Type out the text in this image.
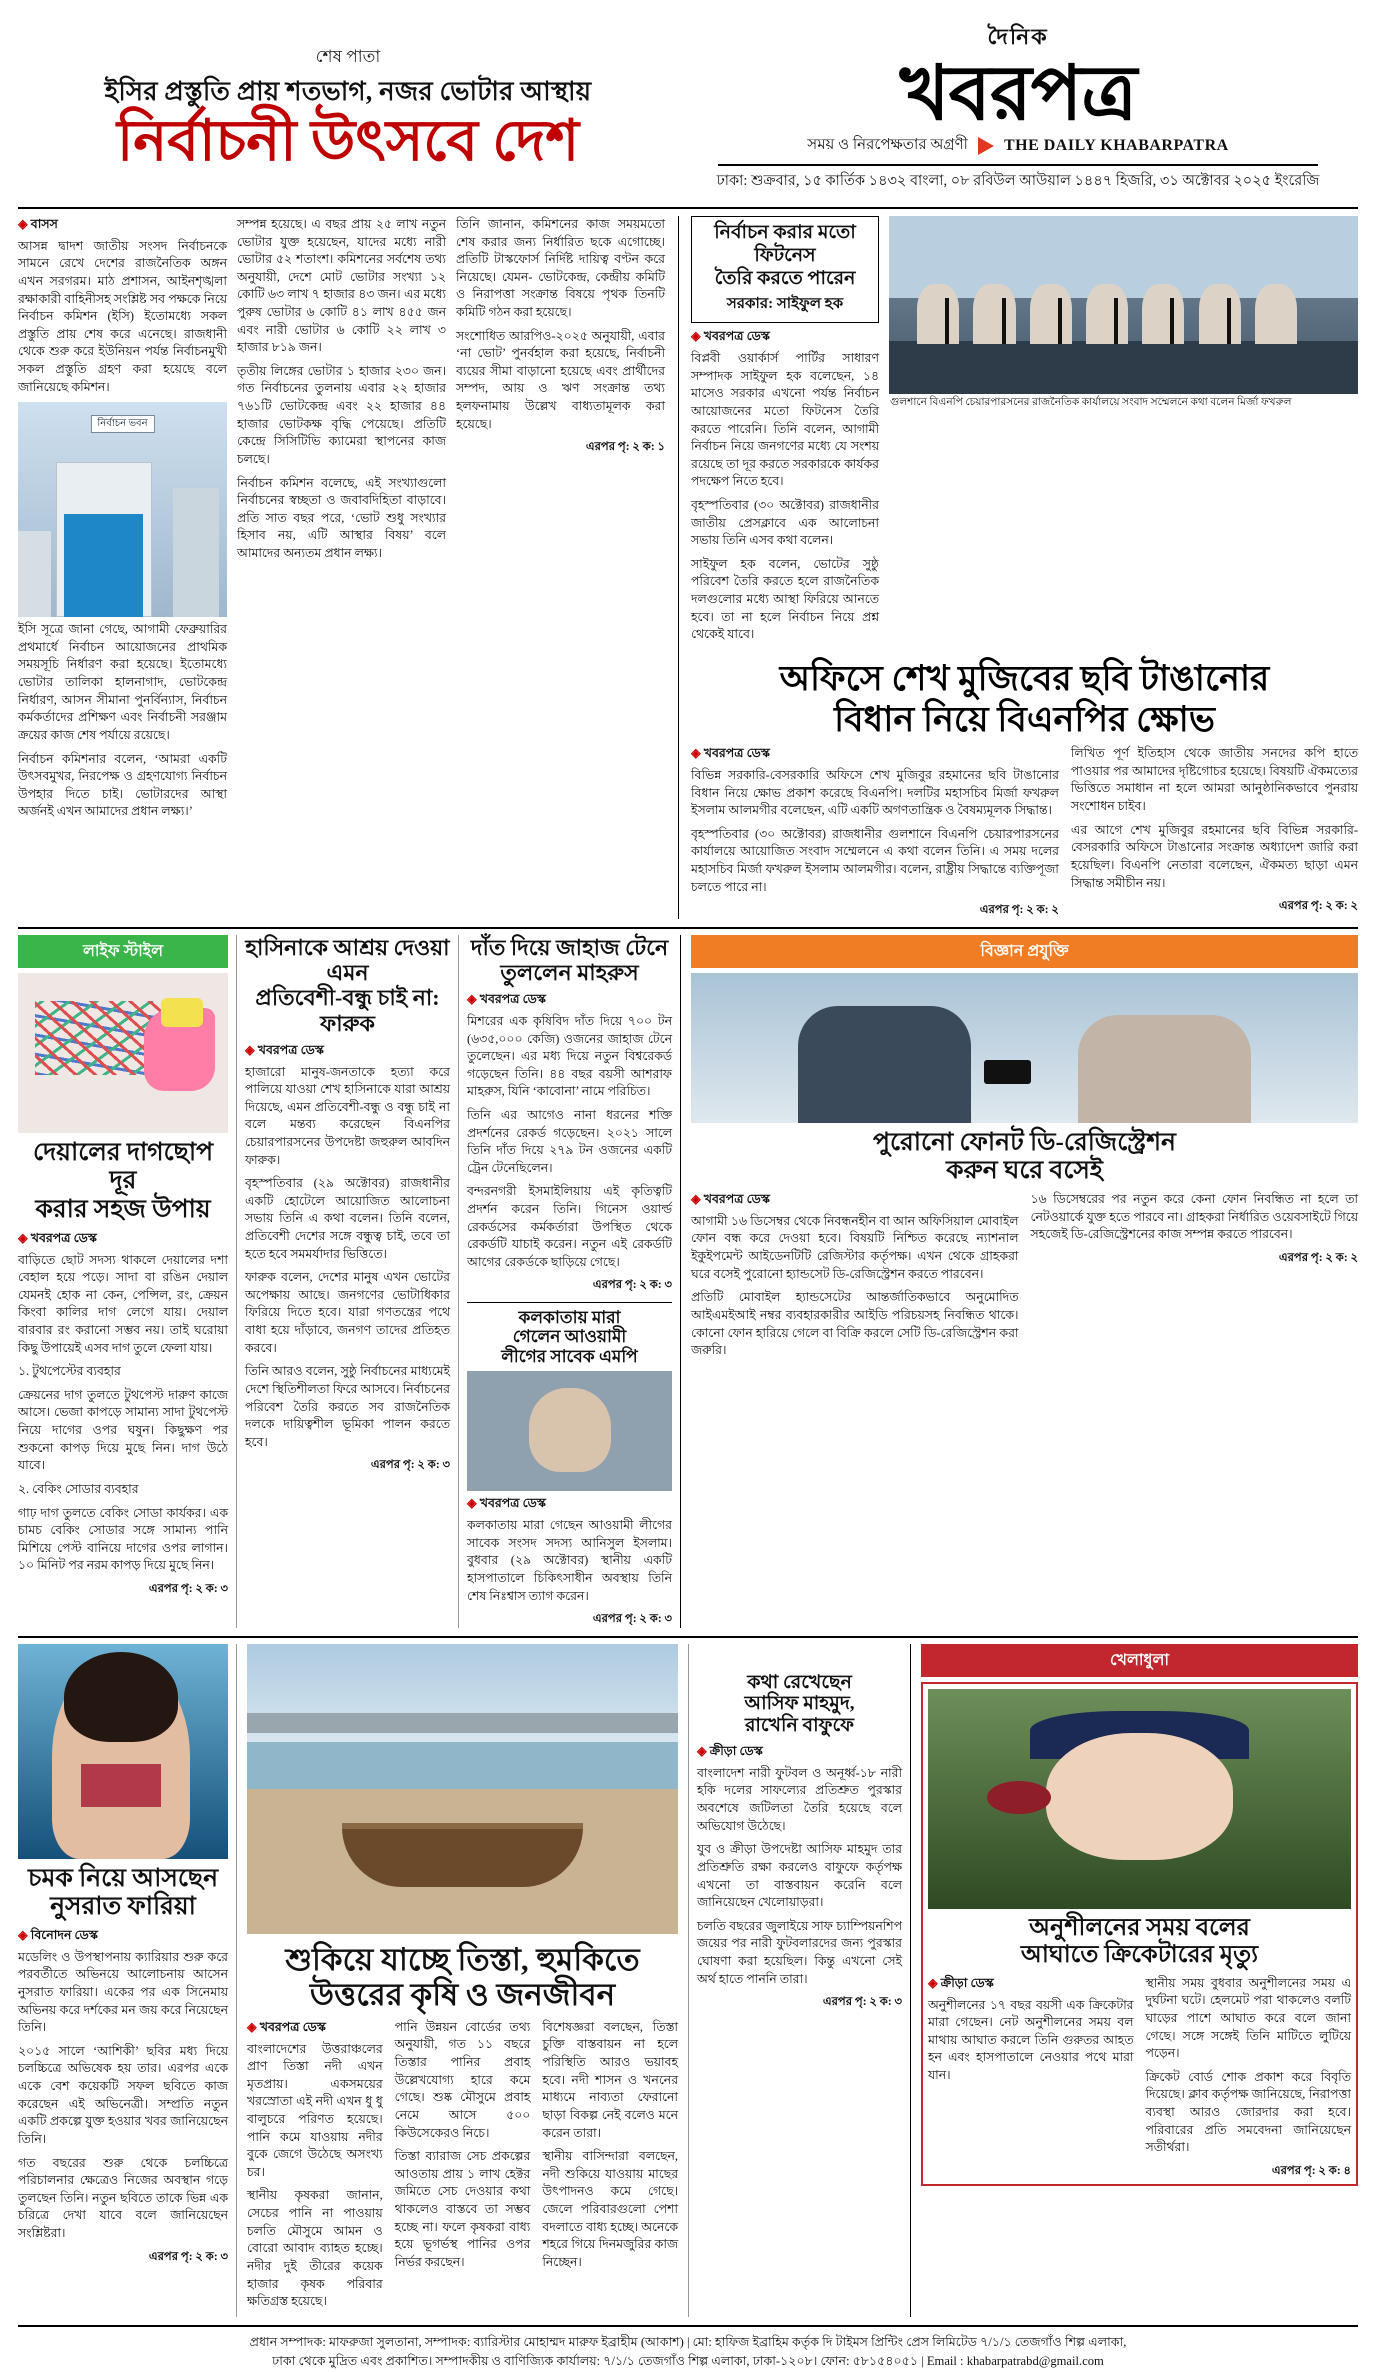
শেষ পাতা
ইসির প্রস্তুতি প্রায় শতভাগ, নজর ভোটার আস্থায়
নির্বাচনী উৎসবে দেশ
দৈনিক
খবরপত্র
সময় ও নিরপেক্ষতার অগ্রণী THE DAILY KHABARPATRA
ঢাকা: শুক্রবার, ১৫ কার্তিক ১৪৩২ বাংলা, ০৮ রবিউল আউয়াল ১৪৪৭ হিজরি, ৩১ অক্টোবর ২০২৫ ইংরেজি
◈ বাসস

আসন্ন দ্বাদশ জাতীয় সংসদ নির্বাচনকে সামনে রেখে দেশের রাজনৈতিক অঙ্গন এখন সরগরম। মাঠ প্রশাসন, আইনশৃঙ্খলা রক্ষাকারী বাহিনীসহ সংশ্লিষ্ট সব পক্ষকে নিয়ে নির্বাচন কমিশন (ইসি) ইতোমধ্যে সকল প্রস্তুতি প্রায় শেষ করে এনেছে। রাজধানী থেকে শুরু করে ইউনিয়ন পর্যন্ত নির্বাচনমুখী সকল প্রস্তুতি গ্রহণ করা হয়েছে বলে জানিয়েছে কমিশন।

নির্বাচন ভবন

ইসি সূত্রে জানা গেছে, আগামী ফেব্রুয়ারির প্রথমার্ধে নির্বাচন আয়োজনের প্রাথমিক সময়সূচি নির্ধারণ করা হয়েছে। ইতোমধ্যে ভোটার তালিকা হালনাগাদ, ভোটকেন্দ্র নির্ধারণ, আসন সীমানা পুনর্বিন্যাস, নির্বাচন কর্মকর্তাদের প্রশিক্ষণ এবং নির্বাচনী সরঞ্জাম ক্রয়ের কাজ শেষ পর্যায়ে রয়েছে।

নির্বাচন কমিশনার বলেন, ‘আমরা একটি উৎসবমুখর, নিরপেক্ষ ও গ্রহণযোগ্য নির্বাচন উপহার দিতে চাই। ভোটারদের আস্থা অর্জনই এখন আমাদের প্রধান লক্ষ্য।’

সম্পন্ন হয়েছে। এ বছর প্রায় ২৫ লাখ নতুন ভোটার যুক্ত হয়েছেন, যাদের মধ্যে নারী ভোটার ৫২ শতাংশ। কমিশনের সর্বশেষ তথ্য অনুযায়ী, দেশে মোট ভোটার সংখ্যা ১২ কোটি ৬৩ লাখ ৭ হাজার ৪৩ জন। এর মধ্যে পুরুষ ভোটার ৬ কোটি ৪১ লাখ ৪৫৫ জন এবং নারী ভোটার ৬ কোটি ২২ লাখ ৩ হাজার ৮১৯ জন।

তৃতীয় লিঙ্গের ভোটার ১ হাজার ২৩০ জন। গত নির্বাচনের তুলনায় এবার ২২ হাজার ৭৬১টি ভোটকেন্দ্র এবং ২২ হাজার ৪৪ হাজার ভোটকক্ষ বৃদ্ধি পেয়েছে। প্রতিটি কেন্দ্রে সিসিটিভি ক্যামেরা স্থাপনের কাজ চলছে।

নির্বাচন কমিশন বলেছে, এই সংখ্যাগুলো নির্বাচনের স্বচ্ছতা ও জবাবদিহিতা বাড়াবে। প্রতি সাত বছর পরে, ‘ভোট শুধু সংখ্যার হিসাব নয়, এটি আস্থার বিষয়’ বলে আমাদের অন্যতম প্রধান লক্ষ্য।

তিনি জানান, কমিশনের কাজ সময়মতো শেষ করার জন্য নির্ধারিত ছকে এগোচ্ছে। প্রতিটি টাস্কফোর্স নির্দিষ্ট দায়িত্ব বণ্টন করে নিয়েছে। যেমন- ভোটকেন্দ্র, কেন্দ্রীয় কমিটি ও নিরাপত্তা সংক্রান্ত বিষয়ে পৃথক তিনটি কমিটি গঠন করা হয়েছে।

সংশোধিত আরপিও-২০২৫ অনুযায়ী, এবার ‘না ভোট’ পুনর্বহাল করা হয়েছে, নির্বাচনী ব্যয়ের সীমা বাড়ানো হয়েছে এবং প্রার্থীদের সম্পদ, আয় ও ঋণ সংক্রান্ত তথ্য হলফনামায় উল্লেখ বাধ্যতামূলক করা হয়েছে।

এরপর পৃ: ২ ক: ১
নির্বাচন করার মতো ফিটনেস
তৈরি করতে পারেন
সরকার: সাইফুল হক
◈ খবরপত্র ডেস্ক

বিপ্লবী ওয়ার্কার্স পার্টির সাধারণ সম্পাদক সাইফুল হক বলেছেন, ১৪ মাসেও সরকার এখনো পর্যন্ত নির্বাচন আয়োজনের মতো ফিটনেস তৈরি করতে পারেনি। তিনি বলেন, আগামী নির্বাচন নিয়ে জনগণের মধ্যে যে সংশয় রয়েছে তা দূর করতে সরকারকে কার্যকর পদক্ষেপ নিতে হবে।

বৃহস্পতিবার (৩০ অক্টোবর) রাজধানীর জাতীয় প্রেসক্লাবে এক আলোচনা সভায় তিনি এসব কথা বলেন।

সাইফুল হক বলেন, ভোটের সুষ্ঠু পরিবেশ তৈরি করতে হলে রাজনৈতিক দলগুলোর মধ্যে আস্থা ফিরিয়ে আনতে হবে। তা না হলে নির্বাচন নিয়ে প্রশ্ন থেকেই যাবে।

গুলশানে বিএনপি চেয়ারপারসনের রাজনৈতিক কার্যালয়ে সংবাদ সম্মেলনে কথা বলেন মির্জা ফখরুল
অফিসে শেখ মুজিবের ছবি টাঙানোর
বিধান নিয়ে বিএনপির ক্ষোভ
◈ খবরপত্র ডেস্ক

বিভিন্ন সরকারি-বেসরকারি অফিসে শেখ মুজিবুর রহমানের ছবি টাঙানোর বিধান নিয়ে ক্ষোভ প্রকাশ করেছে বিএনপি। দলটির মহাসচিব মির্জা ফখরুল ইসলাম আলমগীর বলেছেন, এটি একটি অগণতান্ত্রিক ও বৈষম্যমূলক সিদ্ধান্ত।

বৃহস্পতিবার (৩০ অক্টোবর) রাজধানীর গুলশানে বিএনপি চেয়ারপারসনের কার্যালয়ে আয়োজিত সংবাদ সম্মেলনে এ কথা বলেন তিনি। এ সময় দলের মহাসচিব মির্জা ফখরুল ইসলাম আলমগীর। বলেন, রাষ্ট্রীয় সিদ্ধান্তে ব্যক্তিপূজা চলতে পারে না।

এরপর পৃ: ২ ক: ২

লিখিত পূর্ণ ইতিহাস থেকে জাতীয় সনদের কপি হাতে পাওয়ার পর আমাদের দৃষ্টিগোচর হয়েছে। বিষয়টি ঐকমত্যের ভিত্তিতে সমাধান না হলে আমরা আনুষ্ঠানিকভাবে পুনরায় সংশোধন চাইব।

এর আগে শেখ মুজিবুর রহমানের ছবি বিভিন্ন সরকারি-বেসরকারি অফিসে টাঙানোর সংক্রান্ত অধ্যাদেশ জারি করা হয়েছিল। বিএনপি নেতারা বলেছেন, ঐকমত্য ছাড়া এমন সিদ্ধান্ত সমীচীন নয়।

এরপর পৃ: ২ ক: ২
লাইফ স্টাইল
দেয়ালের দাগছোপ দূর
করার সহজ উপায়
◈ খবরপত্র ডেস্ক

বাড়িতে ছোট সদস্য থাকলে দেয়ালের দশা বেহাল হয়ে পড়ে। সাদা বা রঙিন দেয়াল যেমনই হোক না কেন, পেন্সিল, রং, ক্রেয়ন কিংবা কালির দাগ লেগে যায়। দেয়াল বারবার রং করানো সম্ভব নয়। তাই ঘরোয়া কিছু উপায়েই এসব দাগ তুলে ফেলা যায়।

১. টুথপেস্টের ব্যবহার

ক্রেয়নের দাগ তুলতে টুথপেস্ট দারুণ কাজে আসে। ভেজা কাপড়ে সামান্য সাদা টুথপেস্ট নিয়ে দাগের ওপর ঘষুন। কিছুক্ষণ পর শুকনো কাপড় দিয়ে মুছে নিন। দাগ উঠে যাবে।

২. বেকিং সোডার ব্যবহার

গাঢ় দাগ তুলতে বেকিং সোডা কার্যকর। এক চামচ বেকিং সোডার সঙ্গে সামান্য পানি মিশিয়ে পেস্ট বানিয়ে দাগের ওপর লাগান। ১০ মিনিট পর নরম কাপড় দিয়ে মুছে নিন।

এরপর পৃ: ২ ক: ৩
হাসিনাকে আশ্রয় দেওয়া এমন
প্রতিবেশী-বন্ধু চাই না: ফারুক
◈ খবরপত্র ডেস্ক

হাজারো মানুষ-জনতাকে হত্যা করে পালিয়ে যাওয়া শেখ হাসিনাকে যারা আশ্রয় দিয়েছে, এমন প্রতিবেশী-বন্ধু ও বন্ধু চাই না বলে মন্তব্য করেছেন বিএনপির চেয়ারপারসনের উপদেষ্টা জহুরুল আবদিন ফারুক।

বৃহস্পতিবার (২৯ অক্টোবর) রাজধানীর একটি হোটেলে আয়োজিত আলোচনা সভায় তিনি এ কথা বলেন। তিনি বলেন, প্রতিবেশী দেশের সঙ্গে বন্ধুত্ব চাই, তবে তা হতে হবে সমমর্যাদার ভিত্তিতে।

ফারুক বলেন, দেশের মানুষ এখন ভোটের অপেক্ষায় আছে। জনগণের ভোটাধিকার ফিরিয়ে দিতে হবে। যারা গণতন্ত্রের পথে বাধা হয়ে দাঁড়াবে, জনগণ তাদের প্রতিহত করবে।

তিনি আরও বলেন, সুষ্ঠু নির্বাচনের মাধ্যমেই দেশে স্থিতিশীলতা ফিরে আসবে। নির্বাচনের পরিবেশ তৈরি করতে সব রাজনৈতিক দলকে দায়িত্বশীল ভূমিকা পালন করতে হবে।

এরপর পৃ: ২ ক: ৩
দাঁত দিয়ে জাহাজ টেনে
তুললেন মাহরুস
◈ খবরপত্র ডেস্ক

মিশরের এক কৃষিবিদ দাঁত দিয়ে ৭০০ টন (৬৩৫,০০০ কেজি) ওজনের জাহাজ টেনে তুলেছেন। এর মধ্য দিয়ে নতুন বিশ্বরেকর্ড গড়েছেন তিনি। ৪৪ বছর বয়সী আশরাফ মাহরুস, যিনি ‘কাবোনা’ নামে পরিচিত।

তিনি এর আগেও নানা ধরনের শক্তি প্রদর্শনের রেকর্ড গড়েছেন। ২০২১ সালে তিনি দাঁত দিয়ে ২৭৯ টন ওজনের একটি ট্রেন টেনেছিলেন।

বন্দরনগরী ইসমাইলিয়ায় এই কৃতিত্বটি প্রদর্শন করেন তিনি। গিনেস ওয়ার্ল্ড রেকর্ডসের কর্মকর্তারা উপস্থিত থেকে রেকর্ডটি যাচাই করেন। নতুন এই রেকর্ডটি আগের রেকর্ডকে ছাড়িয়ে গেছে।

এরপর পৃ: ২ ক: ৩
কলকাতায় মারা
গেলেন আওয়ামী
লীগের সাবেক এমপি
◈ খবরপত্র ডেস্ক

কলকাতায় মারা গেছেন আওয়ামী লীগের সাবেক সংসদ সদস্য আনিসুল ইসলাম। বুধবার (২৯ অক্টোবর) স্থানীয় একটি হাসপাতালে চিকিৎসাধীন অবস্থায় তিনি শেষ নিঃশ্বাস ত্যাগ করেন।

এরপর পৃ: ২ ক: ৩
বিজ্ঞান প্রযুক্তি
পুরোনো ফোনট ডি-রেজিস্ট্রেশন
করুন ঘরে বসেই
◈ খবরপত্র ডেস্ক

আগামী ১৬ ডিসেম্বর থেকে নিবন্ধনহীন বা আন অফিসিয়াল মোবাইল ফোন বন্ধ করে দেওয়া হবে। বিষয়টি নিশ্চিত করেছে ন্যাশনাল ইকুইপমেন্ট আইডেনটিটি রেজিস্টার কর্তৃপক্ষ। এখন থেকে গ্রাহকরা ঘরে বসেই পুরোনো হ্যান্ডসেট ডি-রেজিস্ট্রেশন করতে পারবেন।

প্রতিটি মোবাইল হ্যান্ডসেটের আন্তর্জাতিকভাবে অনুমোদিত আইএমইআই নম্বর ব্যবহারকারীর আইডি পরিচয়সহ নিবন্ধিত থাকে। কোনো ফোন হারিয়ে গেলে বা বিক্রি করলে সেটি ডি-রেজিস্ট্রেশন করা জরুরি।

১৬ ডিসেম্বরের পর নতুন করে কেনা ফোন নিবন্ধিত না হলে তা নেটওয়ার্কে যুক্ত হতে পারবে না। গ্রাহকরা নির্ধারিত ওয়েবসাইটে গিয়ে সহজেই ডি-রেজিস্ট্রেশনের কাজ সম্পন্ন করতে পারবেন।

এরপর পৃ: ২ ক: ২
চমক নিয়ে আসছেন
নুসরাত ফারিয়া
◈ বিনোদন ডেস্ক

মডেলিং ও উপস্থাপনায় ক্যারিয়ার শুরু করে পরবর্তীতে অভিনয়ে আলোচনায় আসেন নুসরাত ফারিয়া। একের পর এক সিনেমায় অভিনয় করে দর্শকের মন জয় করে নিয়েছেন তিনি।

২০১৫ সালে ‘আশিকী’ ছবির মধ্য দিয়ে চলচ্চিত্রে অভিষেক হয় তার। এরপর একে একে বেশ কয়েকটি সফল ছবিতে কাজ করেছেন এই অভিনেত্রী। সম্প্রতি নতুন একটি প্রকল্পে যুক্ত হওয়ার খবর জানিয়েছেন তিনি।

গত বছরের শুরু থেকে চলচ্চিত্রে পরিচালনার ক্ষেত্রেও নিজের অবস্থান গড়ে তুলছেন তিনি। নতুন ছবিতে তাকে ভিন্ন এক চরিত্রে দেখা যাবে বলে জানিয়েছেন সংশ্লিষ্টরা।

এরপর পৃ: ২ ক: ৩
শুকিয়ে যাচ্ছে তিস্তা, হুমকিতে
উত্তরের কৃষি ও জনজীবন
◈ খবরপত্র ডেস্ক

বাংলাদেশের উত্তরাঞ্চলের প্রাণ তিস্তা নদী এখন মৃতপ্রায়। একসময়ের খরস্রোতা এই নদী এখন ধু ধু বালুচরে পরিণত হয়েছে। পানি কমে যাওয়ায় নদীর বুকে জেগে উঠেছে অসংখ্য চর।

স্থানীয় কৃষকরা জানান, সেচের পানি না পাওয়ায় চলতি মৌসুমে আমন ও বোরো আবাদ ব্যাহত হচ্ছে। নদীর দুই তীরের কয়েক হাজার কৃষক পরিবার ক্ষতিগ্রস্ত হয়েছে।

পানি উন্নয়ন বোর্ডের তথ্য অনুযায়ী, গত ১১ বছরে তিস্তার পানির প্রবাহ উল্লেখযোগ্য হারে কমে গেছে। শুষ্ক মৌসুমে প্রবাহ নেমে আসে ৫০০ কিউসেকেরও নিচে।

তিস্তা ব্যারাজ সেচ প্রকল্পের আওতায় প্রায় ১ লাখ হেক্টর জমিতে সেচ দেওয়ার কথা থাকলেও বাস্তবে তা সম্ভব হচ্ছে না। ফলে কৃষকরা বাধ্য হয়ে ভূগর্ভস্থ পানির ওপর নির্ভর করছেন।

বিশেষজ্ঞরা বলছেন, তিস্তা চুক্তি বাস্তবায়ন না হলে পরিস্থিতি আরও ভয়াবহ হবে। নদী শাসন ও খননের মাধ্যমে নাব্যতা ফেরানো ছাড়া বিকল্প নেই বলেও মনে করেন তারা।

স্থানীয় বাসিন্দারা বলছেন, নদী শুকিয়ে যাওয়ায় মাছের উৎপাদনও কমে গেছে। জেলে পরিবারগুলো পেশা বদলাতে বাধ্য হচ্ছে। অনেকে শহরে গিয়ে দিনমজুরির কাজ নিচ্ছেন।

কথা রেখেছেন
আসিফ মাহমুদ,
রাখেনি বাফুফে
◈ ক্রীড়া ডেস্ক

বাংলাদেশ নারী ফুটবল ও অনূর্ধ্ব-১৮ নারী হকি দলের সাফল্যের প্রতিশ্রুত পুরস্কার অবশেষে জটিলতা তৈরি হয়েছে বলে অভিযোগ উঠেছে।

যুব ও ক্রীড়া উপদেষ্টা আসিফ মাহমুদ তার প্রতিশ্রুতি রক্ষা করলেও বাফুফে কর্তৃপক্ষ এখনো তা বাস্তবায়ন করেনি বলে জানিয়েছেন খেলোয়াড়রা।

চলতি বছরের জুলাইয়ে সাফ চ্যাম্পিয়নশিপ জয়ের পর নারী ফুটবলারদের জন্য পুরস্কার ঘোষণা করা হয়েছিল। কিন্তু এখনো সেই অর্থ হাতে পাননি তারা।

এরপর পৃ: ২ ক: ৩
খেলাধুলা
অনুশীলনের সময় বলের
আঘাতে ক্রিকেটারের মৃত্যু
◈ ক্রীড়া ডেস্ক

অনুশীলনের ১৭ বছর বয়সী এক ক্রিকেটার মারা গেছেন। নেট অনুশীলনের সময় বল মাথায় আঘাত করলে তিনি গুরুতর আহত হন এবং হাসপাতালে নেওয়ার পথে মারা যান।

স্থানীয় সময় বুধবার অনুশীলনের সময় এ দুর্ঘটনা ঘটে। হেলমেট পরা থাকলেও বলটি ঘাড়ের পাশে আঘাত করে বলে জানা গেছে। সঙ্গে সঙ্গেই তিনি মাটিতে লুটিয়ে পড়েন।

ক্রিকেট বোর্ড শোক প্রকাশ করে বিবৃতি দিয়েছে। ক্লাব কর্তৃপক্ষ জানিয়েছে, নিরাপত্তা ব্যবস্থা আরও জোরদার করা হবে। পরিবারের প্রতি সমবেদনা জানিয়েছেন সতীর্থরা।

এরপর পৃ: ২ ক: ৪
প্রধান সম্পাদক: মাফরুজা সুলতানা, সম্পাদক: ব্যারিস্টার মোহাম্মদ মারুফ ইব্রাহীম (আকাশ) | মো: হাফিজ ইব্রাহিম কর্তৃক দি টাইমস প্রিন্টিং প্রেস লিমিটেড ৭/১/১ তেজগাঁও শিল্প এলাকা,
ঢাকা থেকে মুদ্রিত এবং প্রকাশিত। সম্পাদকীয় ও বাণিজ্যিক কার্যালয়: ৭/১/১ তেজগাঁও শিল্প এলাকা, ঢাকা-১২০৮। ফোন: ৫৮১৫৪০৫১ | Email : khabarpatrabd@gmail.com
